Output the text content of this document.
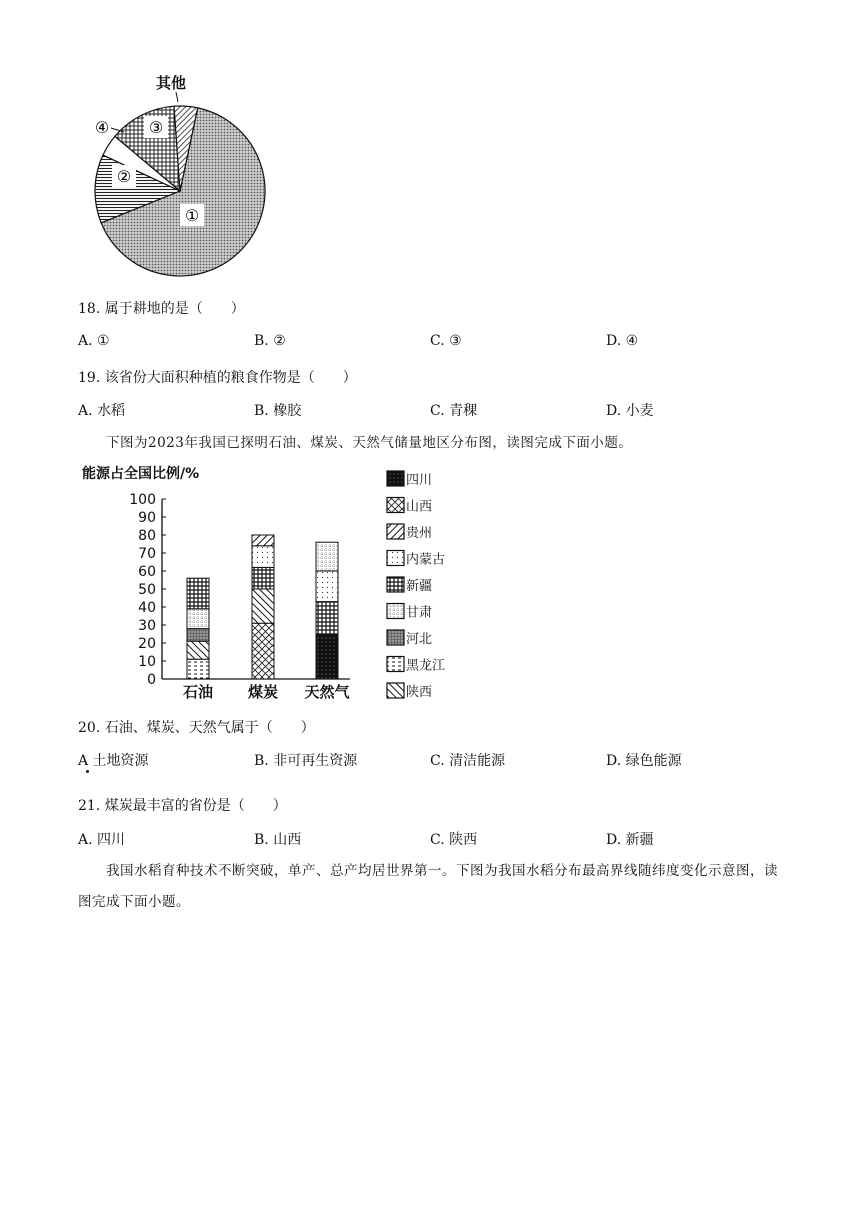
其他
①
②
③
④
18. 属于耕地的是（　　）
A. ①	B. ②	C. ③	D. ④
19. 该省份大面积种植的粮食作物是（　　）
A. 水稻	B. 橡胶	C. 青稞	D. 小麦
下图为2023年我国已探明石油、煤炭、天然气储量地区分布图，读图完成下面小题。
能源占全国比例/%
0
10
20
30
40
50
60
70
80
90
100
石油 煤炭 天然气
四川
山西
贵州
内蒙古
新疆
甘肃
河北
黑龙江
陕西
20. 石油、煤炭、天然气属于（　　）
A 土地资源	B. 非可再生资源	C. 清洁能源	D. 绿色能源
21. 煤炭最丰富的省份是（　　）
A. 四川	B. 山西	C. 陕西	D. 新疆
我国水稻育种技术不断突破，单产、总产均居世界第一。下图为我国水稻分布最高界线随纬度变化示意图，读图完成下面小题。
